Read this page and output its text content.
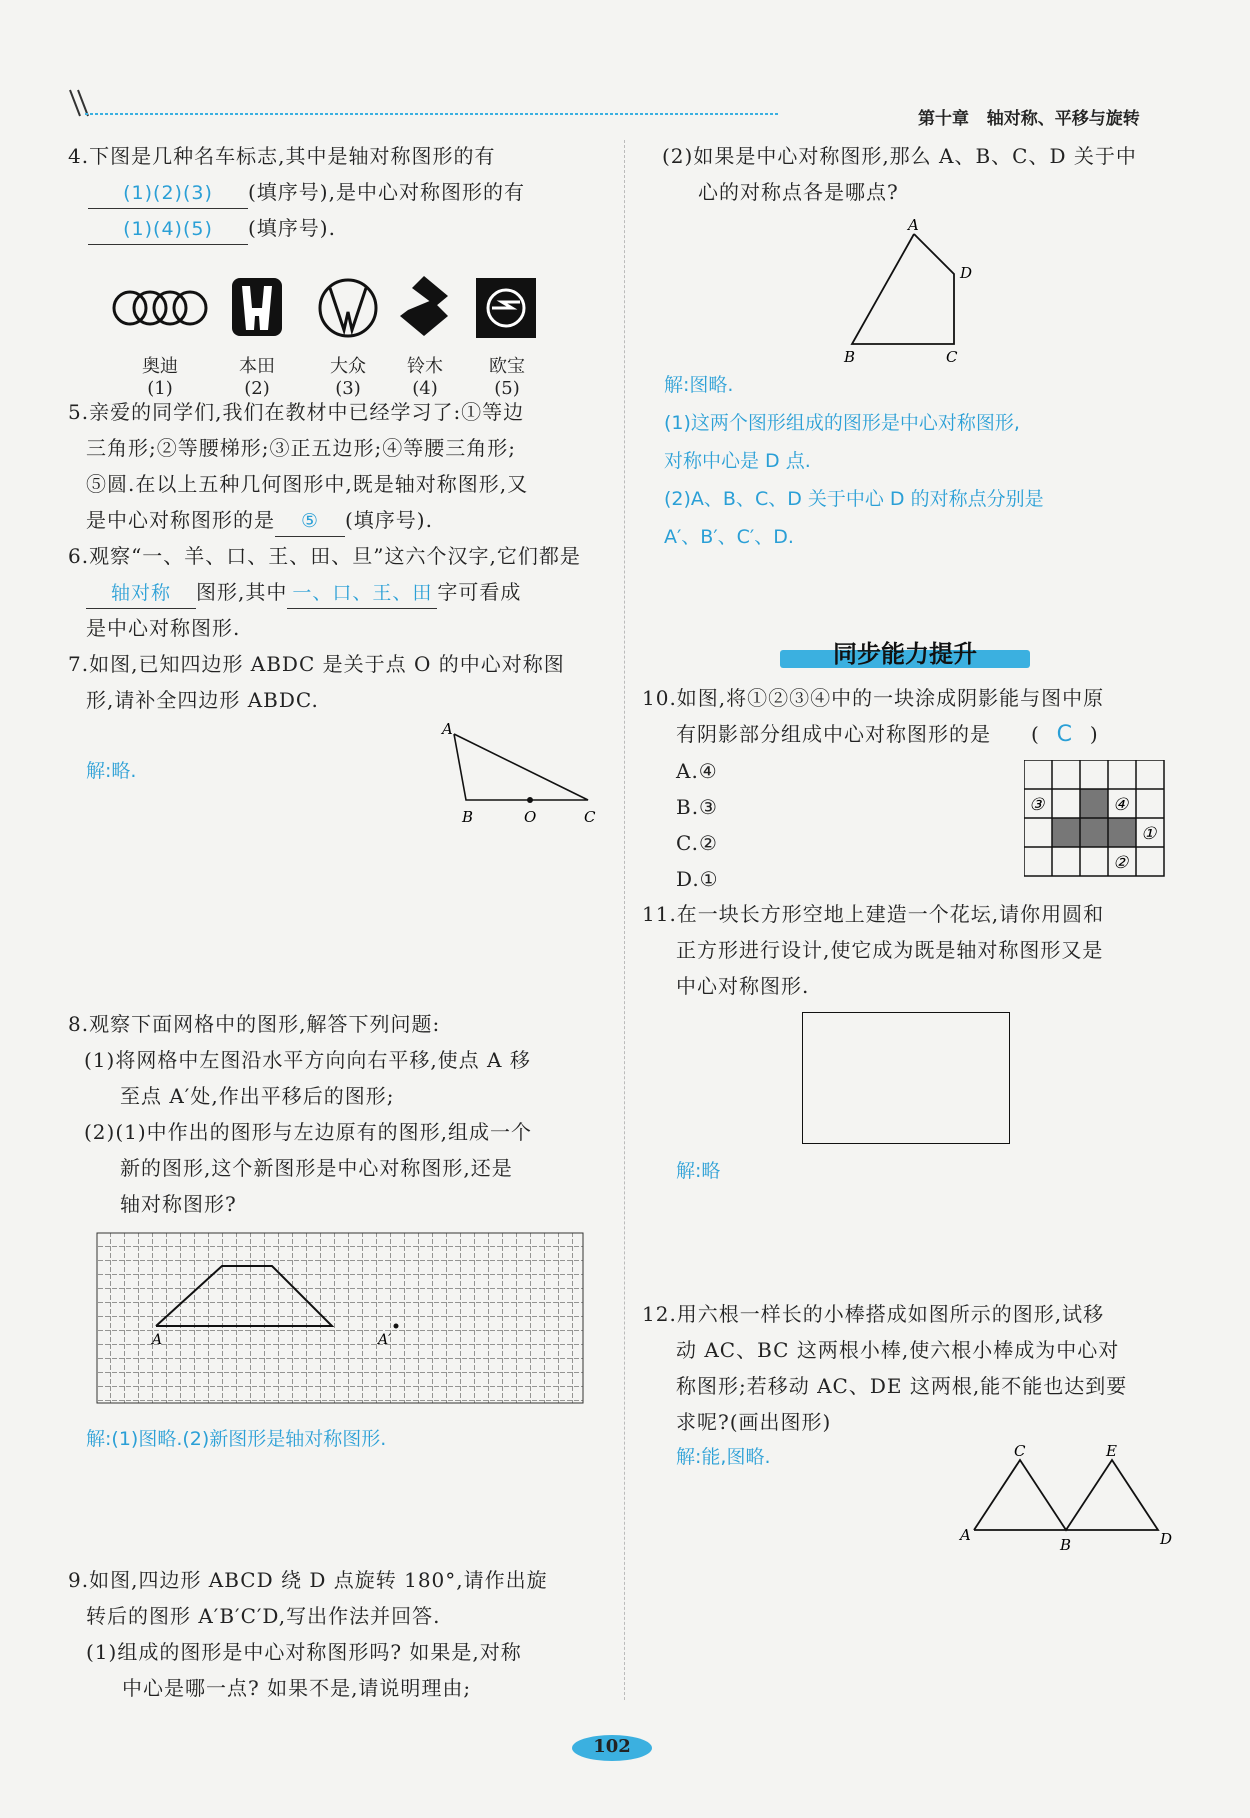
第十章 轴对称、平移与旋转
4.下图是几种名车标志,其中是轴对称图形的有
(1)(2)(3) (填序号),是中心对称图形的有
(1)(4)(5) (填序号).
奥迪
(1)
本田
(2)
大众
(3)
铃木
(4)
欧宝
(5)
5.亲爱的同学们,我们在教材中已经学习了:①等边
三角形;②等腰梯形;③正五边形;④等腰三角形;
⑤圆.在以上五种几何图形中,既是轴对称图形,又
是中心对称图形的是 ⑤ (填序号).
6.观察“一、羊、口、王、田、旦”这六个汉字,它们都是
轴对称 图形,其中 一、口、王、田 字可看成
是中心对称图形.
7.如图,已知四边形 ABDC 是关于点 O 的中心对称图
形,请补全四边形 ABDC.
解:略.
A
B	O	C
8.观察下面网格中的图形,解答下列问题:
(1)将网格中左图沿水平方向向右平移,使点 A 移
至点 A′处,作出平移后的图形;
(2)(1)中作出的图形与左边原有的图形,组成一个
新的图形,这个新图形是中心对称图形,还是
轴对称图形?
A	A′
解:(1)图略.(2)新图形是轴对称图形.
9.如图,四边形 ABCD 绕 D 点旋转 180°,请作出旋
转后的图形 A′B′C′D,写出作法并回答.
(1)组成的图形是中心对称图形吗? 如果是,对称
中心是哪一点? 如果不是,请说明理由;
(2)如果是中心对称图形,那么 A、B、C、D 关于中
心的对称点各是哪点?
A
D
B	C
解:图略.
(1)这两个图形组成的图形是中心对称图形,
对称中心是 D 点.
(2)A、B、C、D 关于中心 D 的对称点分别是
A′、B′、C′、D.
同步能力提升
10.如图,将①②③④中的一块涂成阴影能与图中原
有阴影部分组成中心对称图形的是 ( C )
A.④
B.③
C.②
D.①
③	④
①
②
11.在一块长方形空地上建造一个花坛,请你用圆和
正方形进行设计,使它成为既是轴对称图形又是
中心对称图形.
解:略
12.用六根一样长的小棒搭成如图所示的图形,试移
动 AC、BC 这两根小棒,使六根小棒成为中心对
称图形;若移动 AC、DE 这两根,能不能也达到要
求呢?(画出图形)
解:能,图略.	C	E
A
B	D
102
